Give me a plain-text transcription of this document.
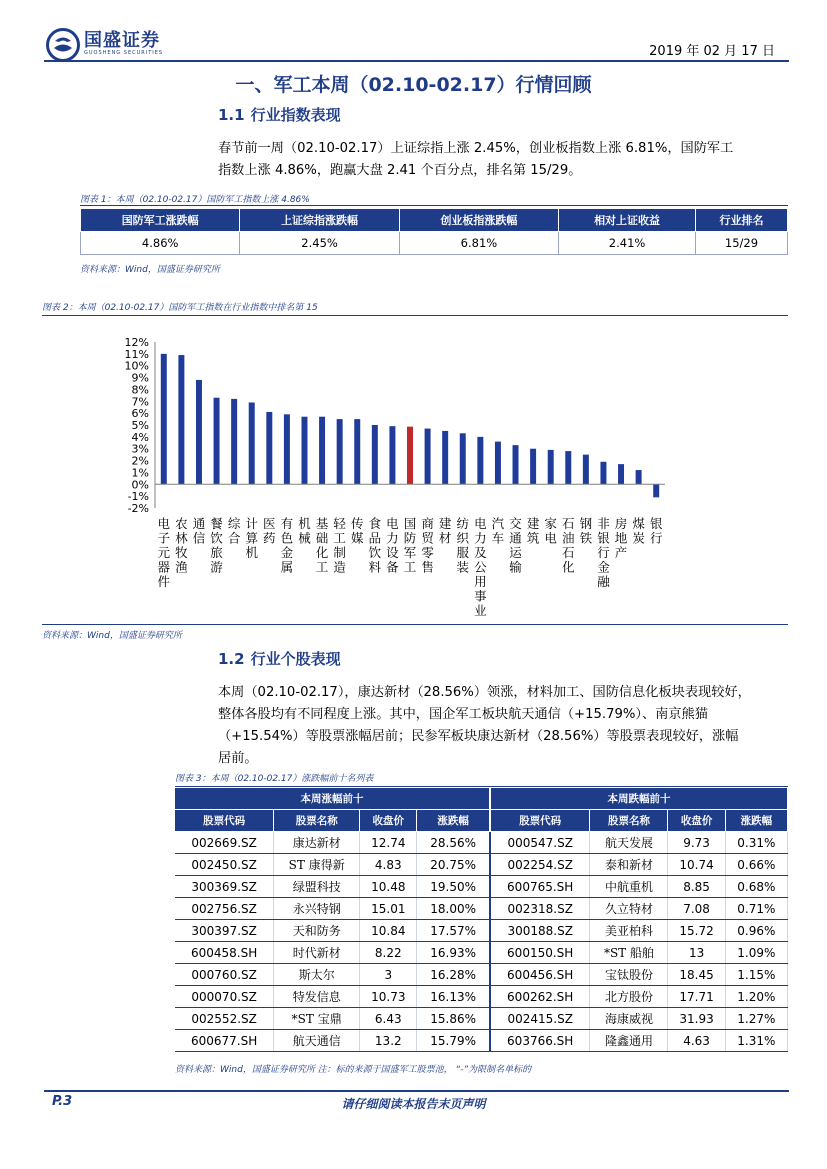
国盛证券
GUOSHENG SECURITIES	2019 年 02 月 17 日
一、军工本周（02.10-02.17）行情回顾
1.1 行业指数表现
春节前一周（02.10-02.17）上证综指上涨 2.45%，创业板指数上涨 6.81%，国防军工
指数上涨 4.86%，跑赢大盘 2.41 个百分点，排名第 15/29。
图表 1：本周（02.10-02.17）国防军工指数上涨 4.86%
国防军工涨跌幅	上证综指涨跌幅	创业板指涨跌幅	相对上证收益	行业排名
4.86%	2.45%	6.81%	2.41%	15/29
资料来源：Wind，国盛证券研究所
图表 2：本周（02.10-02.17）国防军工指数在行业指数中排名第 15
12%
11%
10%
9%
8%
7%
6%
5%
4%
3%
2%
1%
0%
-1%
-2%
电子元器件
农林牧渔
通信
餐饮旅游
综合
计算机
医药
有色金属
机械
基础化工
轻工制造
传媒
食品饮料
电力设备
国防军工
商贸零售
建材
纺织服装
电力及公用事业
汽车
交通运输
建筑
家电
石油石化
钢铁
非银行金融
房地产
煤炭
银行
资料来源：Wind，国盛证券研究所
1.2 行业个股表现
本周（02.10-02.17），康达新材（28.56%）领涨，材料加工、国防信息化板块表现较好，
整体各股均有不同程度上涨。其中，国企军工板块航天通信（+15.79%）、南京熊猫
（+15.54%）等股票涨幅居前；民参军板块康达新材（28.56%）等股票表现较好，涨幅
居前。
图表 3：本周（02.10-02.17）涨跌幅前十名列表
本周涨幅前十				本周跌幅前十			
股票代码	股票名称	收盘价	涨跌幅	股票代码	股票名称	收盘价	涨跌幅
002669.SZ	康达新材	12.74	28.56%	000547.SZ	航天发展	9.73	0.31%
002450.SZ	ST 康得新	4.83	20.75%	002254.SZ	泰和新材	10.74	0.66%
300369.SZ	绿盟科技	10.48	19.50%	600765.SH	中航重机	8.85	0.68%
002756.SZ	永兴特钢	15.01	18.00%	002318.SZ	久立特材	7.08	0.71%
300397.SZ	天和防务	10.84	17.57%	300188.SZ	美亚柏科	15.72	0.96%
600458.SH	时代新材	8.22	16.93%	600150.SH	*ST 船舶	13	1.09%
000760.SZ	斯太尔	3	16.28%	600456.SH	宝钛股份	18.45	1.15%
000070.SZ	特发信息	10.73	16.13%	600262.SH	北方股份	17.71	1.20%
002552.SZ	*ST 宝鼎	6.43	15.86%	002415.SZ	海康威视	31.93	1.27%
600677.SH	航天通信	13.2	15.79%	603766.SH	隆鑫通用	4.63	1.31%
资料来源：Wind，国盛证券研究所 注：标的来源于国盛军工股票池， “-”为限制名单标的
P.3	请仔细阅读本报告末页声明
